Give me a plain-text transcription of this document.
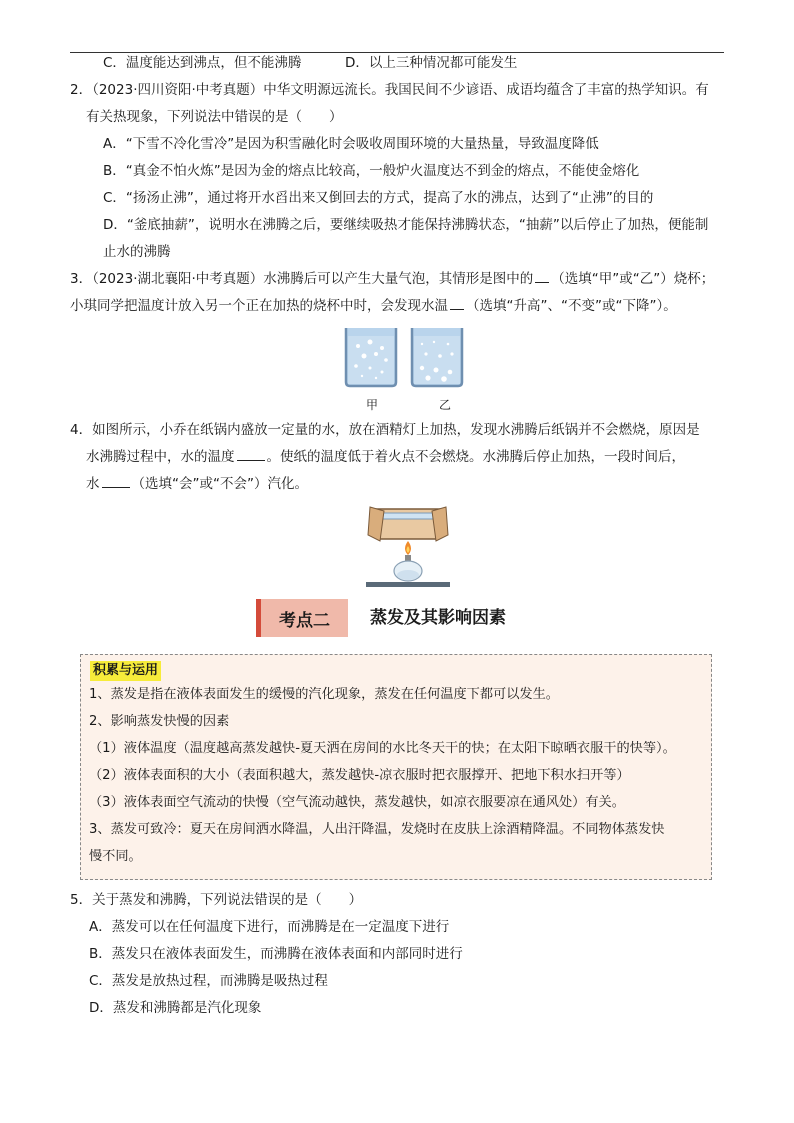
C．温度能达到沸点，但不能沸腾	D．以上三种情况都可能发生
2．（2023·四川资阳·中考真题）中华文明源远流长。我国民间不少谚语、成语均蕴含了丰富的热学知识。有
有关热现象，下列说法中错误的是（　　）
A．“下雪不冷化雪冷”是因为积雪融化时会吸收周围环境的大量热量，导致温度降低
B．“真金不怕火炼”是因为金的熔点比较高，一般炉火温度达不到金的熔点，不能使金熔化
C．“扬汤止沸”，通过将开水舀出来又倒回去的方式，提高了水的沸点，达到了“止沸”的目的
D．“釜底抽薪”，说明水在沸腾之后，要继续吸热才能保持沸腾状态，“抽薪”以后停止了加热，便能制
止水的沸腾
3．（2023·湖北襄阳·中考真题）水沸腾后可以产生大量气泡，其情形是图中的 （选填“甲”或“乙”）烧杯；
小琪同学把温度计放入另一个正在加热的烧杯中时，会发现水温 （选填“升高”、“不变”或“下降”）。
甲	乙
4．如图所示，小乔在纸锅内盛放一定量的水，放在酒精灯上加热，发现水沸腾后纸锅并不会燃烧，原因是
水沸腾过程中，水的温度 。使纸的温度低于着火点不会燃烧。水沸腾后停止加热，一段时间后，
水 （选填“会”或“不会”）汽化。
考点二	蒸发及其影响因素
积累与运用
1、蒸发是指在液体表面发生的缓慢的汽化现象，蒸发在任何温度下都可以发生。
2、影响蒸发快慢的因素
（1）液体温度（温度越高蒸发越快-夏天洒在房间的水比冬天干的快；在太阳下晾晒衣服干的快等）。
（2）液体表面积的大小（表面积越大，蒸发越快-凉衣服时把衣服撑开、把地下积水扫开等）
（3）液体表面空气流动的快慢（空气流动越快，蒸发越快，如凉衣服要凉在通风处）有关。
3、蒸发可致冷：夏天在房间洒水降温，人出汗降温，发烧时在皮肤上涂酒精降温。不同物体蒸发快
慢不同。
5．关于蒸发和沸腾，下列说法错误的是（　　）
A．蒸发可以在任何温度下进行，而沸腾是在一定温度下进行
B．蒸发只在液体表面发生，而沸腾在液体表面和内部同时进行
C．蒸发是放热过程，而沸腾是吸热过程
D．蒸发和沸腾都是汽化现象
